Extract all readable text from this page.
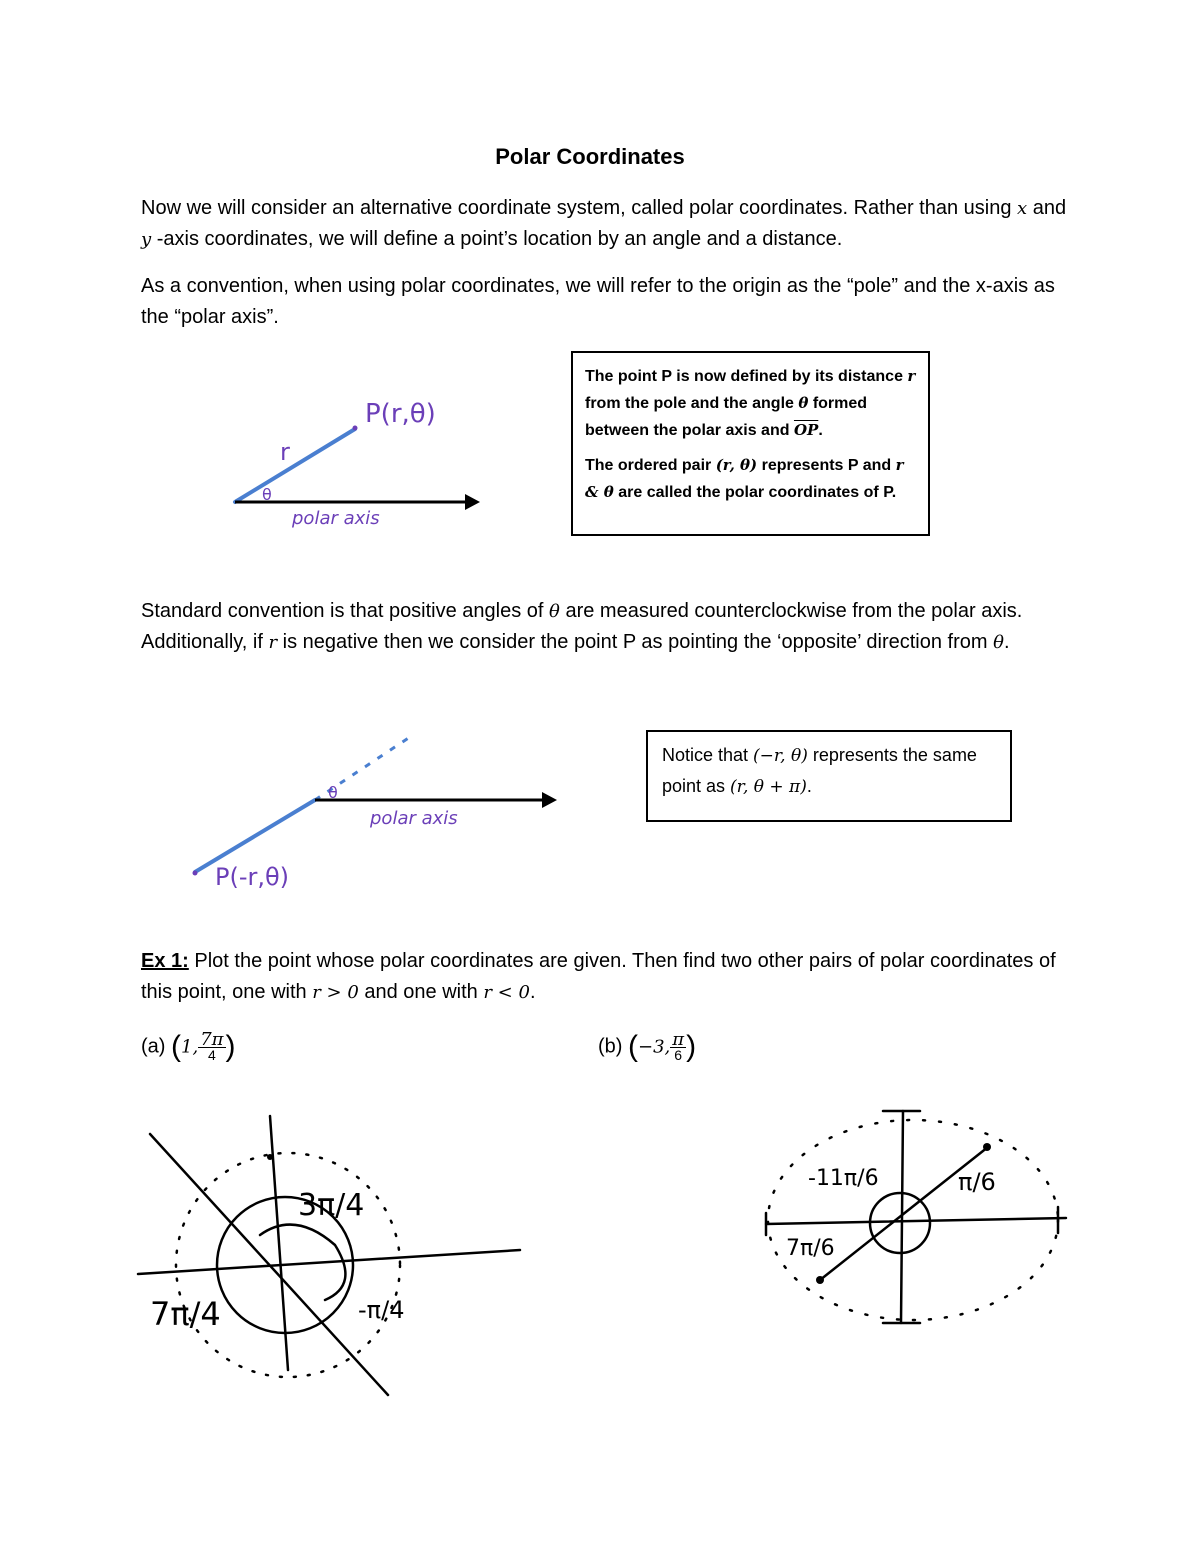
Polar Coordinates
Now we will consider an alternative coordinate system, called polar coordinates. Rather than using x and y -axis coordinates, we will define a point’s location by an angle and a distance.
As a convention, when using polar coordinates, we will refer to the origin as the “pole” and the x-axis as the “polar axis”.
P(r,θ)
r
θ
polar axis

The point P is now defined by its distance r from the pole and the angle θ formed between the polar axis and $\overline{OP}$.

The ordered pair (r, θ) represents P and r & θ are called the polar coordinates of P.

Standard convention is that positive angles of θ are measured counterclockwise from the polar axis. Additionally, if r is negative then we consider the point P as pointing the ‘opposite’ direction from θ.
P(-r,θ)
θ
polar axis
Notice that (−r, θ) represents the same point as (r, θ + π).
Ex 1: Plot the point whose polar coordinates are given. Then find two other pairs of polar coordinates of this point, one with r > 0 and one with r < 0.
(a) (1, $\frac{7\pi}{4}$ )	(b) (−3, $\frac{\pi}{6}$ )
3π/4
-π/4
7π/4
-11π/6	π/6
7π/6
